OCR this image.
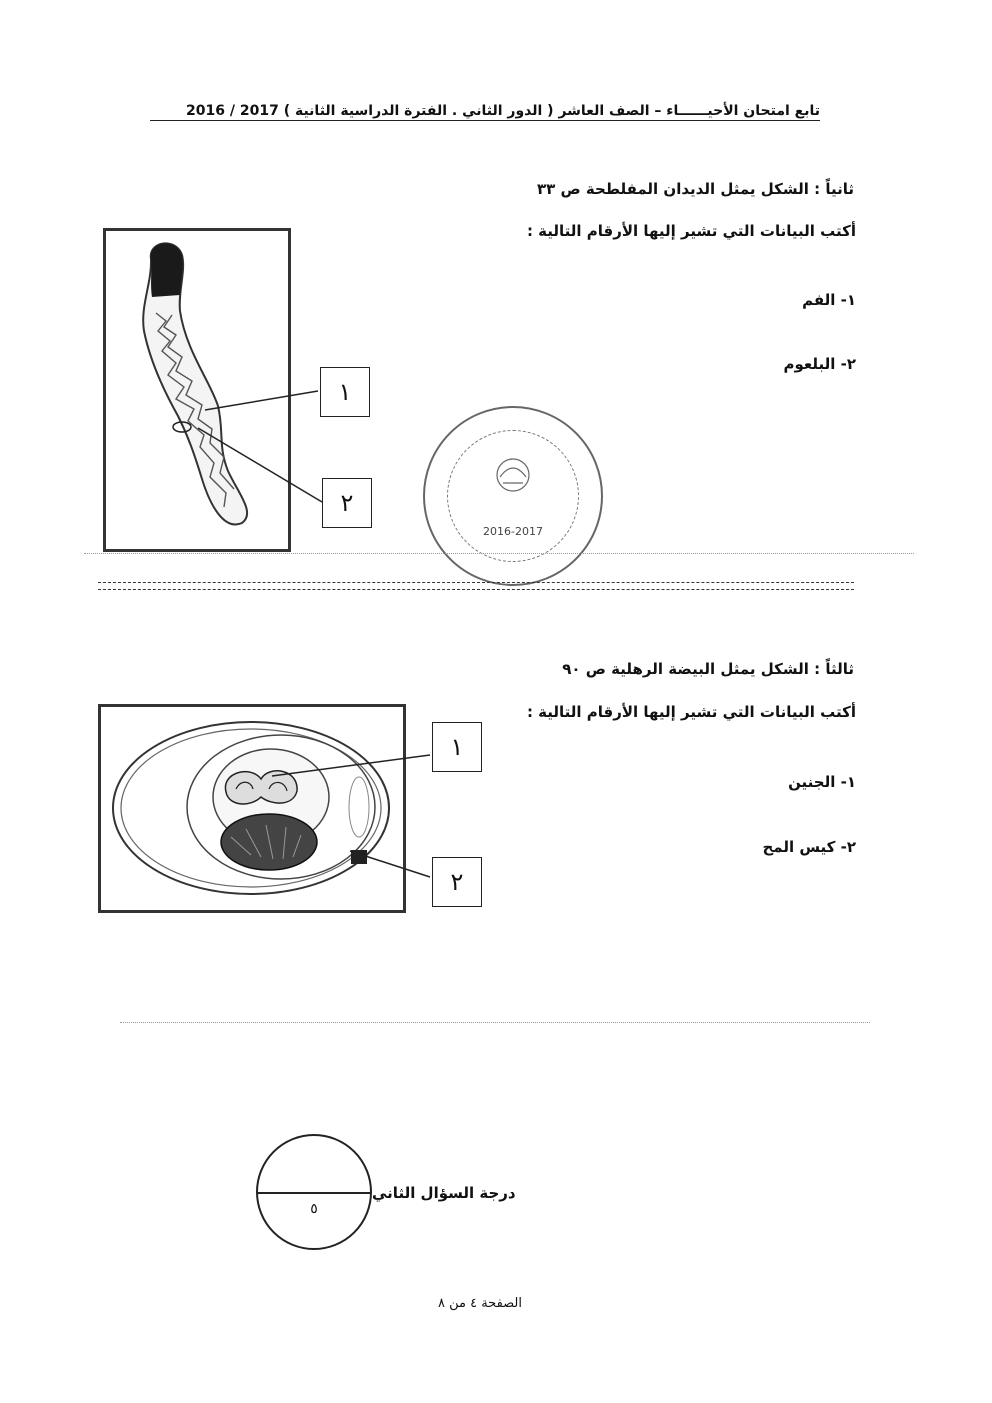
تابع امتحان الأحيــــــاء – الصف العاشر ( الدور الثاني . الفترة الدراسية الثانية ) 2017 / 2016
ثانياً : الشكل يمثل الديدان المفلطحة ص ٣٣
أكتب البيانات التي تشير إليها الأرقام التالية :
١- الفم
٢- البلعوم
١
٢
2016-2017
ثالثاً : الشكل يمثل البيضة الرهلية ص ٩٠
أكتب البيانات التي تشير إليها الأرقام التالية :
١- الجنين
٢- كيس المح
١
٢
٥
درجة السؤال الثاني
الصفحة ٤ من ٨
